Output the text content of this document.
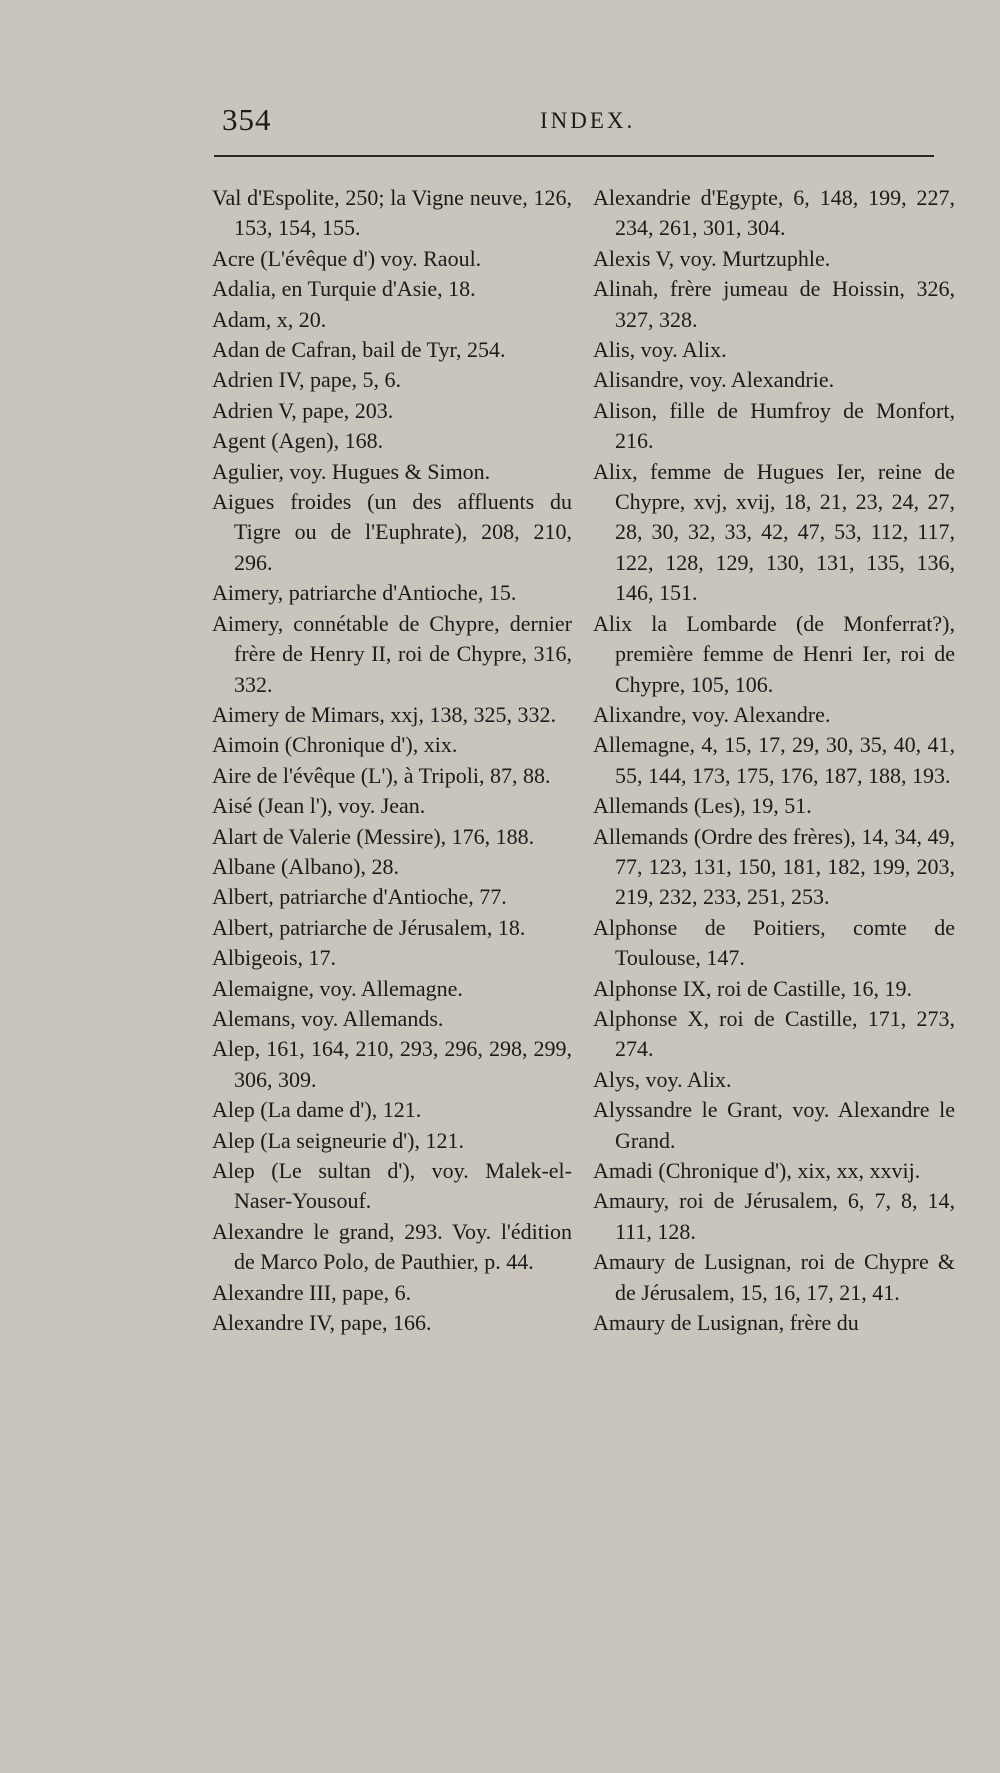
354	INDEX.

Val d'Espolite, 250; la Vigne neuve, 126, 153, 154, 155.

Acre (L'évêque d') voy. Raoul.

Adalia, en Turquie d'Asie, 18.

Adam, x, 20.

Adan de Cafran, bail de Tyr, 254.

Adrien IV, pape, 5, 6.

Adrien V, pape, 203.

Agent (Agen), 168.

Agulier, voy. Hugues & Simon.

Aigues froides (un des affluents du Tigre ou de l'Euphrate), 208, 210, 296.

Aimery, patriarche d'Antioche, 15.

Aimery, connétable de Chypre, dernier frère de Henry II, roi de Chypre, 316, 332.

Aimery de Mimars, xxj, 138, 325, 332.

Aimoin (Chronique d'), xix.

Aire de l'évêque (L'), à Tripoli, 87, 88.

Aisé (Jean l'), voy. Jean.

Alart de Valerie (Messire), 176, 188.

Albane (Albano), 28.

Albert, patriarche d'Antioche, 77.

Albert, patriarche de Jérusalem, 18.

Albigeois, 17.

Alemaigne, voy. Allemagne.

Alemans, voy. Allemands.

Alep, 161, 164, 210, 293, 296, 298, 299, 306, 309.

Alep (La dame d'), 121.

Alep (La seigneurie d'), 121.

Alep (Le sultan d'), voy. Malek-el-Naser-Yousouf.

Alexandre le grand, 293. Voy. l'édition de Marco Polo, de Pauthier, p. 44.

Alexandre III, pape, 6.

Alexandre IV, pape, 166.

Alexandrie d'Egypte, 6, 148, 199, 227, 234, 261, 301, 304.

Alexis V, voy. Murtzuphle.

Alinah, frère jumeau de Hoissin, 326, 327, 328.

Alis, voy. Alix.

Alisandre, voy. Alexandrie.

Alison, fille de Humfroy de Monfort, 216.

Alix, femme de Hugues Ier, reine de Chypre, xvj, xvij, 18, 21, 23, 24, 27, 28, 30, 32, 33, 42, 47, 53, 112, 117, 122, 128, 129, 130, 131, 135, 136, 146, 151.

Alix la Lombarde (de Monferrat?), première femme de Henri Ier, roi de Chypre, 105, 106.

Alixandre, voy. Alexandre.

Allemagne, 4, 15, 17, 29, 30, 35, 40, 41, 55, 144, 173, 175, 176, 187, 188, 193.

Allemands (Les), 19, 51.

Allemands (Ordre des frères), 14, 34, 49, 77, 123, 131, 150, 181, 182, 199, 203, 219, 232, 233, 251, 253.

Alphonse de Poitiers, comte de Toulouse, 147.

Alphonse IX, roi de Castille, 16, 19.

Alphonse X, roi de Castille, 171, 273, 274.

Alys, voy. Alix.

Alyssandre le Grant, voy. Alexandre le Grand.

Amadi (Chronique d'), xix, xx, xxvij.

Amaury, roi de Jérusalem, 6, 7, 8, 14, 111, 128.

Amaury de Lusignan, roi de Chypre & de Jérusalem, 15, 16, 17, 21, 41.

Amaury de Lusignan, frère du
